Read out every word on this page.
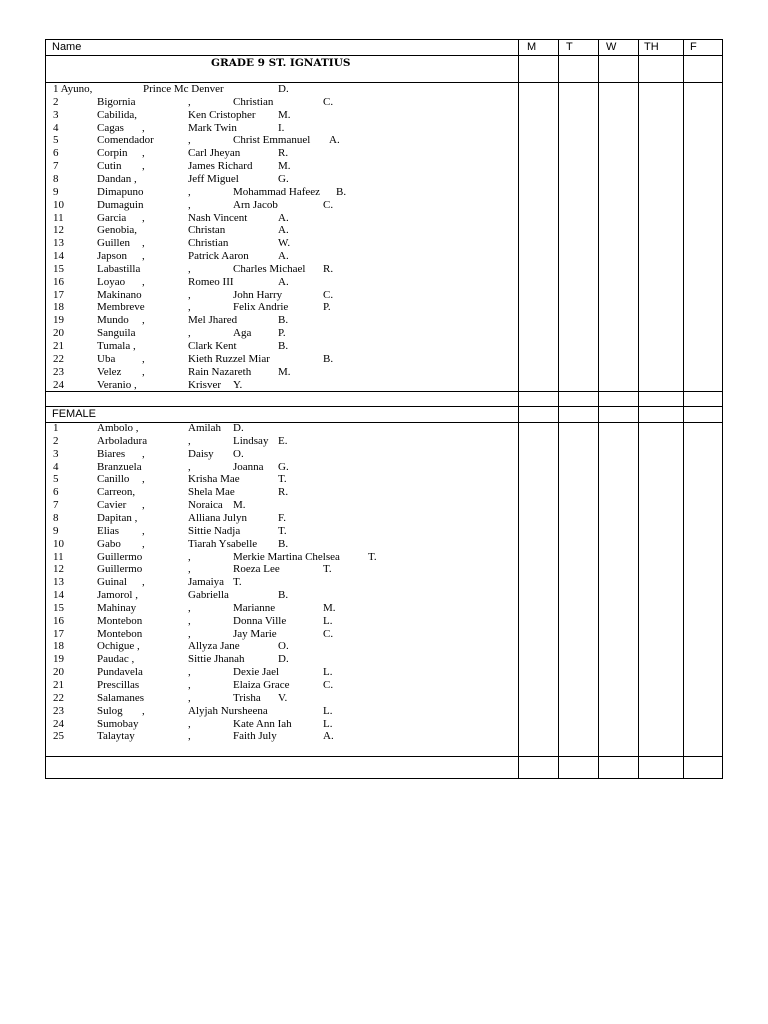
Name	M	T	W	TH	F
GRADE 9 ST. IGNATIUS
1 Ayuno,	Prince Mc Denver	D.
2	Bigornia	,	Christian	C.
3	Cabilida,	Ken Cristopher M.
4	Cagas ,	Mark Twin	I.
5	Comendador	,	Christ Emmanuel A.
6	Corpin ,	Carl Jheyan	R.
7	Cutin ,	James Richard M.
8	Dandan ,	Jeff Miguel	G.
9	Dimapuno	,	Mohammad Hafeez B.
10	Dumaguin	,	Arn Jacob	C.
11	Garcia ,	Nash Vincent	A.
12	Genobia,	Christan	A.
13	Guillen ,	Christian	W.
14	Japson ,	Patrick Aaron	A.
15	Labastilla	,	Charles Michael R.
16	Loyao ,	Romeo III	A.
17	Makinano	,	John Harry	C.
18	Membreve	,	Felix Andrie	P.
19	Mundo ,	Mel Jhared	B.
20	Sanguila	,	Aga P.
21	Tumala ,	Clark Kent	B.
22	Uba ,	Kieth Ruzzel Miar	B.
23	Velez ,	Rain Nazareth M.
24	Veranio ,	Krisver Y.
FEMALE
1	Ambolo ,	Amilah D.
2	Arboladura	,	Lindsay E.
3	Biares ,	Daisy O.
4	Branzuela	,	Joanna G.
5	Canillo ,	Krisha Mae	T.
6	Carreon,	Shela Mae	R.
7	Cavier ,	Noraica M.
8	Dapitan ,	Alliana Julyn	F.
9	Elias ,	Sittie Nadja	T.
10	Gabo ,	Tiarah Ysabelle B.
11	Guillermo	,	Merkie Martina Chelsea	T.
12	Guillermo	,	Roeza Lee	T.
13	Guinal ,	Jamaiya T.
14	Jamorol ,	Gabriella	B.
15	Mahinay	,	Marianne	M.
16	Montebon	,	Donna Ville	L.
17	Montebon	,	Jay Marie	C.
18	Ochigue ,	Allyza Jane	O.
19	Paudac ,	Sittie Jhanah	D.
20	Pundavela	,	Dexie Jael	L.
21	Prescillas	,	Elaiza Grace	C.
22	Salamanes	,	Trisha V.
23	Sulog ,	Alyjah Nursheena	L.
24	Sumobay	,	Kate Ann Iah	L.
25	Talaytay	,	Faith July	A.
